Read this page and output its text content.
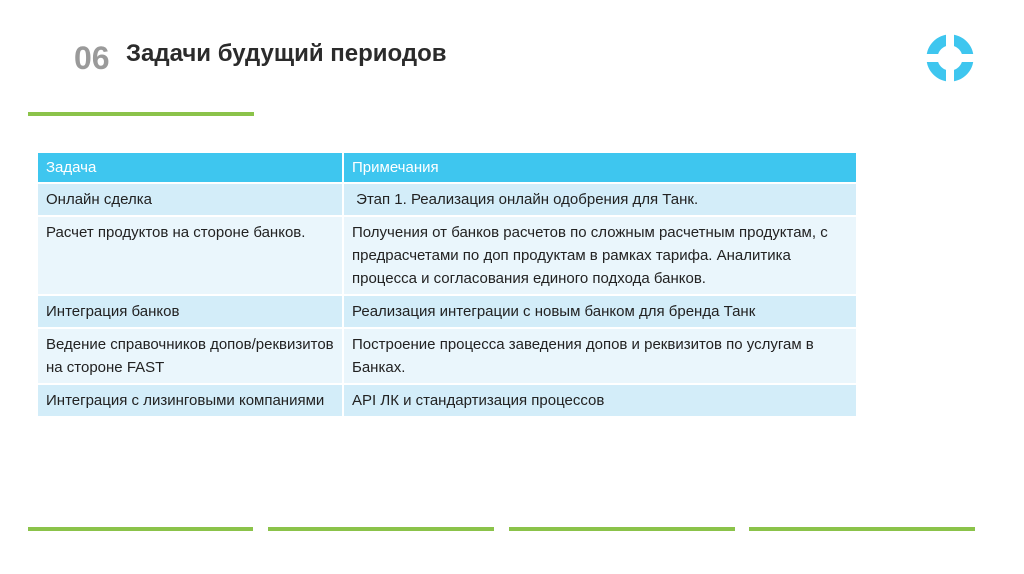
06 Задачи будущий периодов
Задача	Примечания
Онлайн сделка	Этап 1. Реализация онлайн одобрения для Танк.
Расчет продуктов на стороне банков.	Получения от банков расчетов по сложным расчетным продуктам, с предрасчетами по доп продуктам в рамках тарифа. Аналитика процесса и согласования единого подхода банков.
Интеграция банков	Реализация интеграции с новым банком для бренда Танк
Ведение справочников допов/реквизитов на стороне FAST	Построение процесса заведения допов и реквизитов по услугам в Банках.
Интеграция с лизинговыми компаниями	API ЛК и стандартизация процессов
